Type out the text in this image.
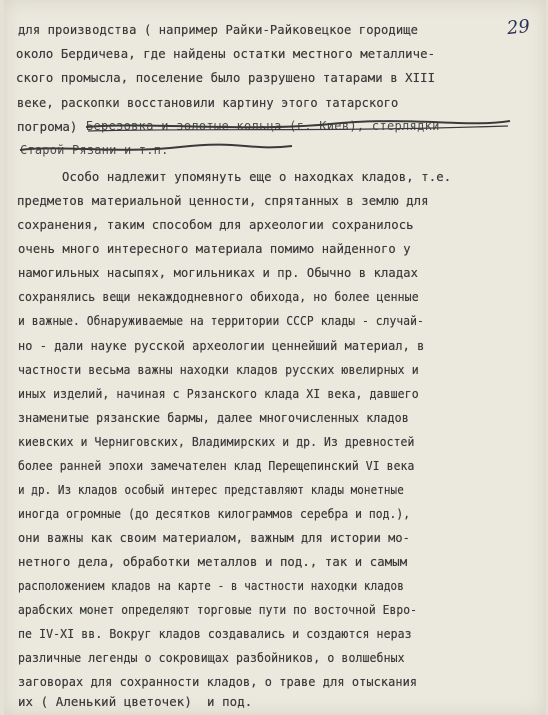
29
для производства ( например Райки-Райковецкое городище
около Бердичева, где найдены остатки местного металличе-
ского промысла, поселение было разрушено татарами в XIII
веке, раскопки восстановили картину этого татарского
погрома) Березовка и золотые кольца (г. Киев), стерлядки
Старой Рязани и т.п.
Особо надлежит упомянуть еще о находках кладов, т.е.
предметов материальной ценности, спрятанных в землю для
сохранения, таким способом для археологии сохранилось
очень много интересного материала помимо найденного у
намогильных насыпях, могильниках и пр. Обычно в кладах
сохранялись вещи некаждодневного обихода, но более ценные
и важные. Обнаруживаемые на территории СССР клады - случай-
но - дали науке русской археологии ценнейший материал, в
частности весьма важны находки кладов русских ювелирных и
иных изделий, начиная с Рязанского клада XI века, давшего
знаменитые рязанские бармы, далее многочисленных кладов
киевских и Черниговских, Владимирских и др. Из древностей
более ранней эпохи замечателен клад Перещепинский VI века
и др. Из кладов особый интерес представляют клады монетные
иногда огромные (до десятков килограммов серебра и под.),
они важны как своим материалом, важным для истории мо-
нетного дела, обработки металлов и под., так и самым
расположением кладов на карте - в частности находки кладов
арабских монет определяют торговые пути по восточной Евро-
пе IV-XI вв. Вокруг кладов создавались и создаются нераз
различные легенды о сокровищах разбойников, о волшебных
заговорах для сохранности кладов, о траве для отыскания
их ( Аленький цветочек)  и под.
